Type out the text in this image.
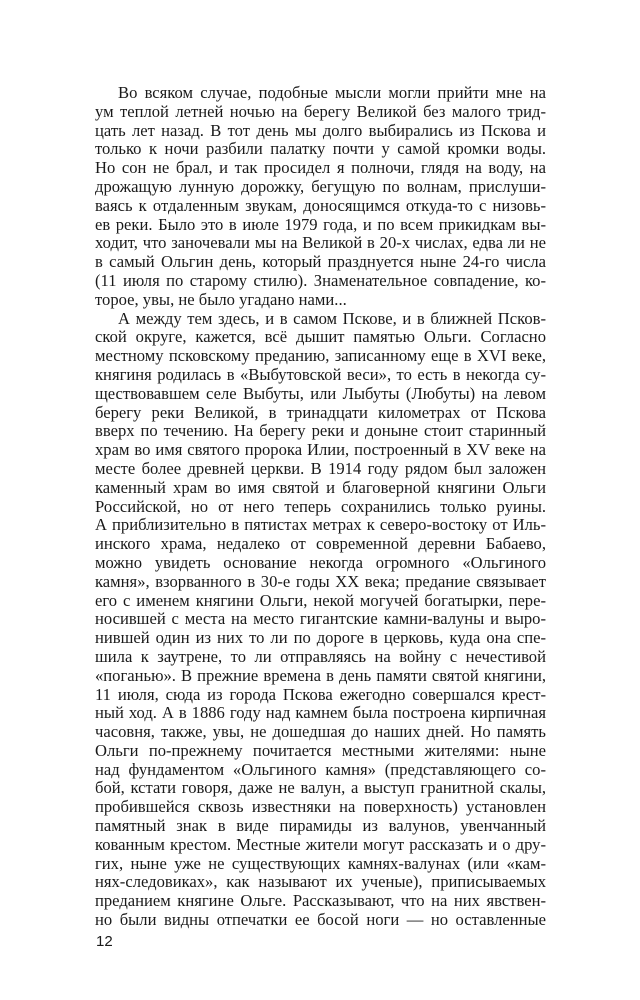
Во всяком случае, подобные мысли могли прийти мне на
ум теплой летней ночью на берегу Великой без малого трид-
цать лет назад. В тот день мы долго выбирались из Пскова и
только к ночи разбили палатку почти у самой кромки воды.
Но сон не брал, и так просидел я полночи, глядя на воду, на
дрожащую лунную дорожку, бегущую по волнам, прислуши-
ваясь к отдаленным звукам, доносящимся откуда-то с низовь-
ев реки. Было это в июле 1979 года, и по всем прикидкам вы-
ходит, что заночевали мы на Великой в 20-х числах, едва ли не
в самый Ольгин день, который празднуется ныне 24-го числа
(11 июля по старому стилю). Знаменательное совпадение, ко-
торое, увы, не было угадано нами...
А между тем здесь, и в самом Пскове, и в ближней Псков-
ской округе, кажется, всё дышит памятью Ольги. Согласно
местному псковскому преданию, записанному еще в XVI веке,
княгиня родилась в «Выбутовской веси», то есть в некогда су-
ществовавшем селе Выбуты, или Лыбуты (Любуты) на левом
берегу реки Великой, в тринадцати километрах от Пскова
вверх по течению. На берегу реки и доныне стоит старинный
храм во имя святого пророка Илии, построенный в XV веке на
месте более древней церкви. В 1914 году рядом был заложен
каменный храм во имя святой и благоверной княгини Ольги
Российской, но от него теперь сохранились только руины.
А приблизительно в пятистах метрах к северо-востоку от Иль-
инского храма, недалеко от современной деревни Бабаево,
можно увидеть основание некогда огромного «Ольгиного
камня», взорванного в 30-е годы XX века; предание связывает
его с именем княгини Ольги, некой могучей богатырки, пере-
носившей с места на место гигантские камни-валуны и выро-
нившей один из них то ли по дороге в церковь, куда она спе-
шила к заутрене, то ли отправляясь на войну с нечестивой
«поганью». В прежние времена в день памяти святой княгини,
11 июля, сюда из города Пскова ежегодно совершался крест-
ный ход. А в 1886 году над камнем была построена кирпичная
часовня, также, увы, не дошедшая до наших дней. Но память
Ольги по-прежнему почитается местными жителями: ныне
над фундаментом «Ольгиного камня» (представляющего со-
бой, кстати говоря, даже не валун, а выступ гранитной скалы,
пробившейся сквозь известняки на поверхность) установлен
памятный знак в виде пирамиды из валунов, увенчанный
кованным крестом. Местные жители могут рассказать и о дру-
гих, ныне уже не существующих камнях-валунах (или «кам-
нях-следовиках», как называют их ученые), приписываемых
преданием княгине Ольге. Рассказывают, что на них явствен-
но были видны отпечатки ее босой ноги — но оставленные
12
